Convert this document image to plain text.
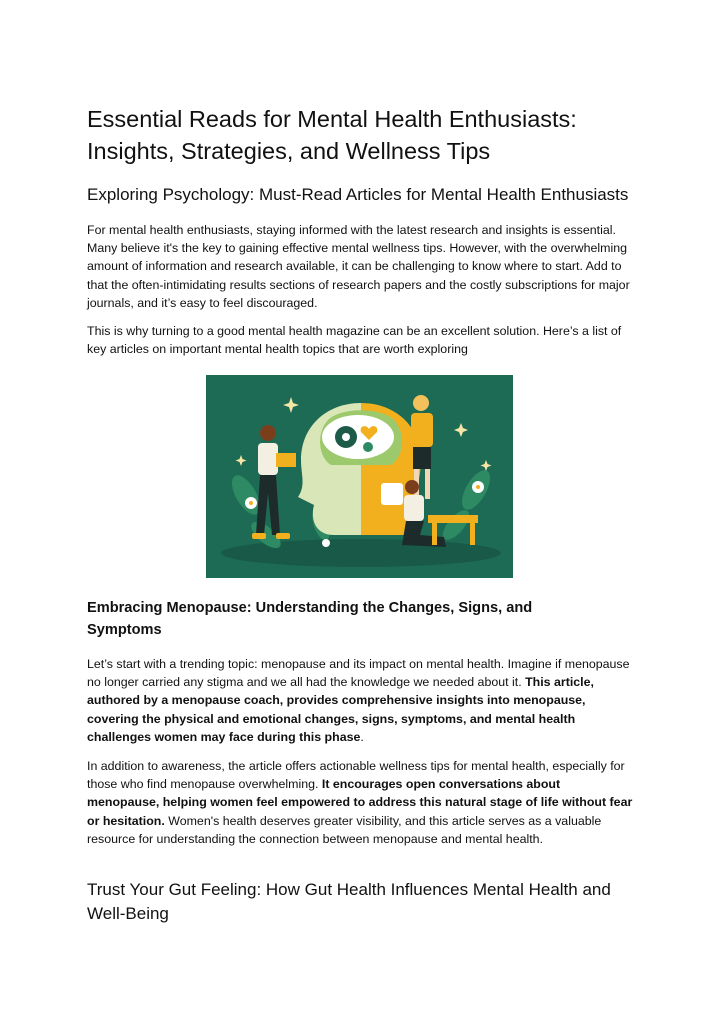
Essential Reads for Mental Health Enthusiasts: Insights, Strategies, and Wellness Tips
Exploring Psychology: Must-Read Articles for Mental Health Enthusiasts

For mental health enthusiasts, staying informed with the latest research and insights is essential. Many believe it's the key to gaining effective mental wellness tips. However, with the overwhelming amount of information and research available, it can be challenging to know where to start. Add to that the often-intimidating results sections of research papers and the costly subscriptions for major journals, and it’s easy to feel discouraged.

This is why turning to a good mental health magazine can be an excellent solution. Here’s a list of key articles on important mental health topics that are worth exploring

Embracing Menopause: Understanding the Changes, Signs, and Symptoms

Let’s start with a trending topic: menopause and its impact on mental health. Imagine if menopause no longer carried any stigma and we all had the knowledge we needed about it. This article, authored by a menopause coach, provides comprehensive insights into menopause, covering the physical and emotional changes, signs, symptoms, and mental health challenges women may face during this phase.

In addition to awareness, the article offers actionable wellness tips for mental health, especially for those who find menopause overwhelming. It encourages open conversations about menopause, helping women feel empowered to address this natural stage of life without fear or hesitation. Women's health deserves greater visibility, and this article serves as a valuable resource for understanding the connection between menopause and mental health.

Trust Your Gut Feeling: How Gut Health Influences Mental Health and Well-Being
